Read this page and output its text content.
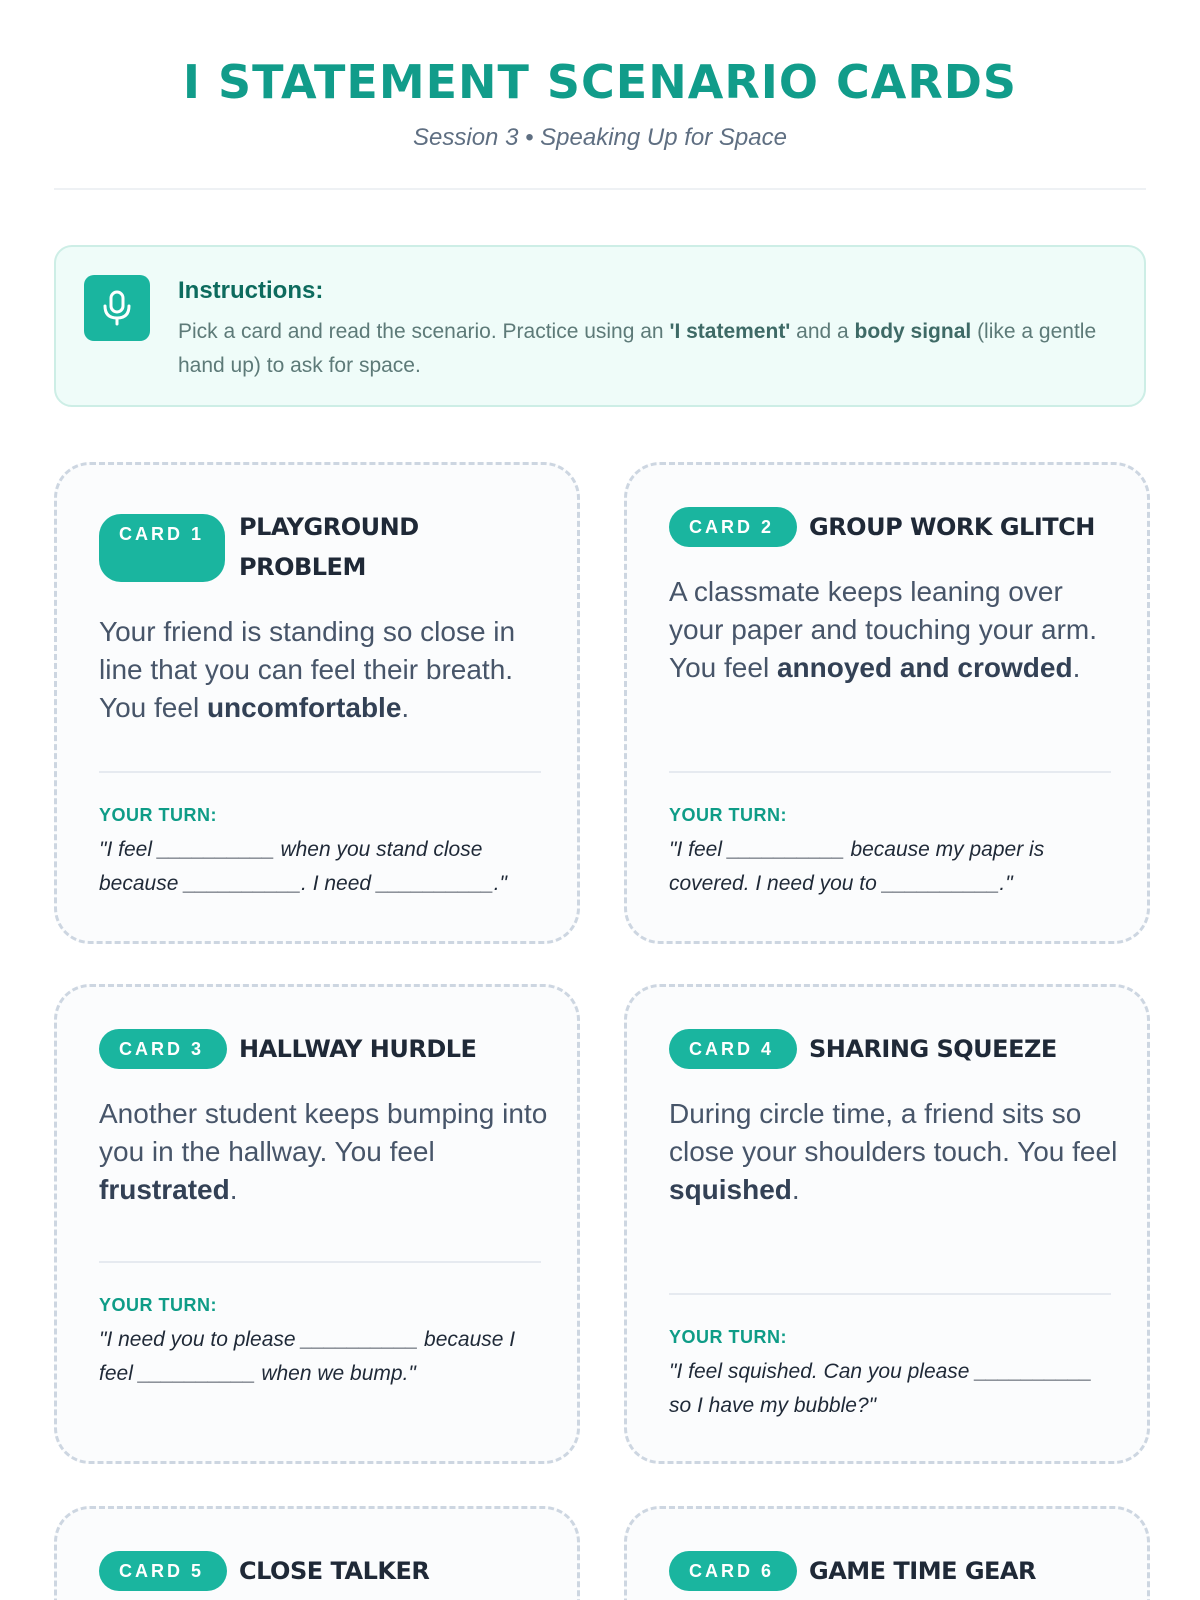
I STATEMENT SCENARIO CARDS
Session 3 • Speaking Up for Space
Instructions:
Pick a card and read the scenario. Practice using an 'I statement' and a body signal (like a gentle hand up) to ask for space.
CARD 1	PLAYGROUND
PROBLEM
Your friend is standing so close in line that you can feel their breath. You feel uncomfortable.
YOUR TURN:
"I feel __________ when you stand close because __________. I need __________."
CARD 2	GROUP WORK GLITCH
A classmate keeps leaning over your paper and touching your arm. You feel annoyed and crowded.
YOUR TURN:
"I feel __________ because my paper is covered. I need you to __________."
CARD 3	HALLWAY HURDLE
Another student keeps bumping into you in the hallway. You feel frustrated.
YOUR TURN:
"I need you to please __________ because I feel __________ when we bump."
CARD 4	SHARING SQUEEZE
During circle time, a friend sits so close your shoulders touch. You feel squished.
YOUR TURN:
"I feel squished. Can you please __________ so I have my bubble?"
CARD 5	CLOSE TALKER	CARD 6	GAME TIME GEAR
